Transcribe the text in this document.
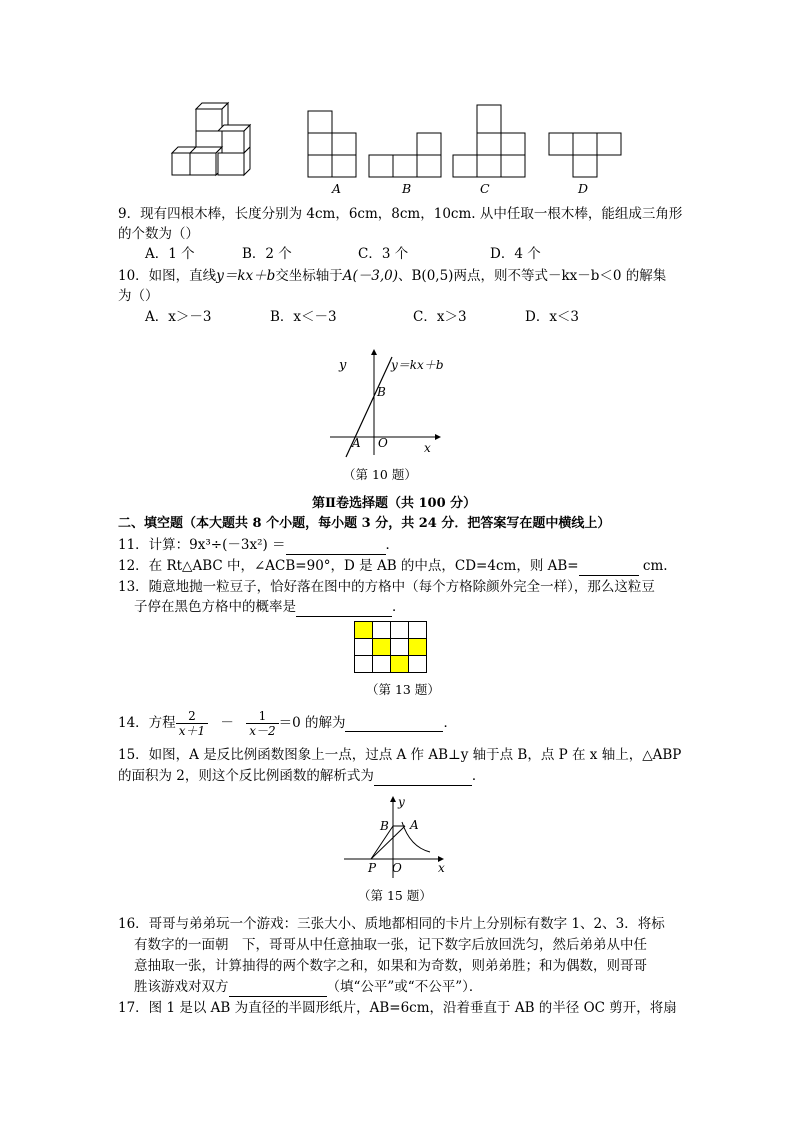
A	B	C	D
9．现有四根木棒，长度分别为 4cm，6cm，8cm，10cm. 从中任取一根木棒，能组成三角形
的个数为（）
A．1 个	B．2 个	C．3 个	D．4 个
10．如图，直线y＝kx＋b交坐标轴于A(－3,0)、B(0,5)两点，则不等式－kx－b＜0 的解集
为（）
A．x＞－3	B．x＜－3	C．x＞3	D．x＜3
y	y＝kx＋b
B
A O	x
（第 10 题）
第Ⅱ卷选择题（共 100 分）
二、填空题（本大题共 8 个小题，每小题 3 分，共 24 分．把答案写在题中横线上）
11．计算：9x³÷(－3x²) ＝	．
12．在 Rt△ABC 中，∠ACB=90°，D 是 AB 的中点，CD=4cm，则 AB=	cm.
13．随意地抛一粒豆子，恰好落在图中的方格中（每个方格除颜外完全一样），那么这粒豆
子停在黑色方格中的概率是	．
（第 13 题）
14．方程 $\frac{2}{x+1} - \frac{1}{x-2} =0$ 的解为	．
15．如图，A 是反比例函数图象上一点，过点 A 作 AB⊥y 轴于点 B，点 P 在 x 轴上，△ABP
的面积为 2，则这个反比例函数的解析式为	．
y
B A
P O	x
（第 15 题）
16．哥哥与弟弟玩一个游戏：三张大小、质地都相同的卡片上分别标有数字 1、2、3．将标
有数字的一面朝　下，哥哥从中任意抽取一张，记下数字后放回洗匀，然后弟弟从中任
意抽取一张，计算抽得的两个数字之和，如果和为奇数，则弟弟胜；和为偶数，则哥哥
胜该游戏对双方	（填“公平”或“不公平”）．
17．图 1 是以 AB 为直径的半圆形纸片，AB=6cm，沿着垂直于 AB 的半径 OC 剪开，将扇
